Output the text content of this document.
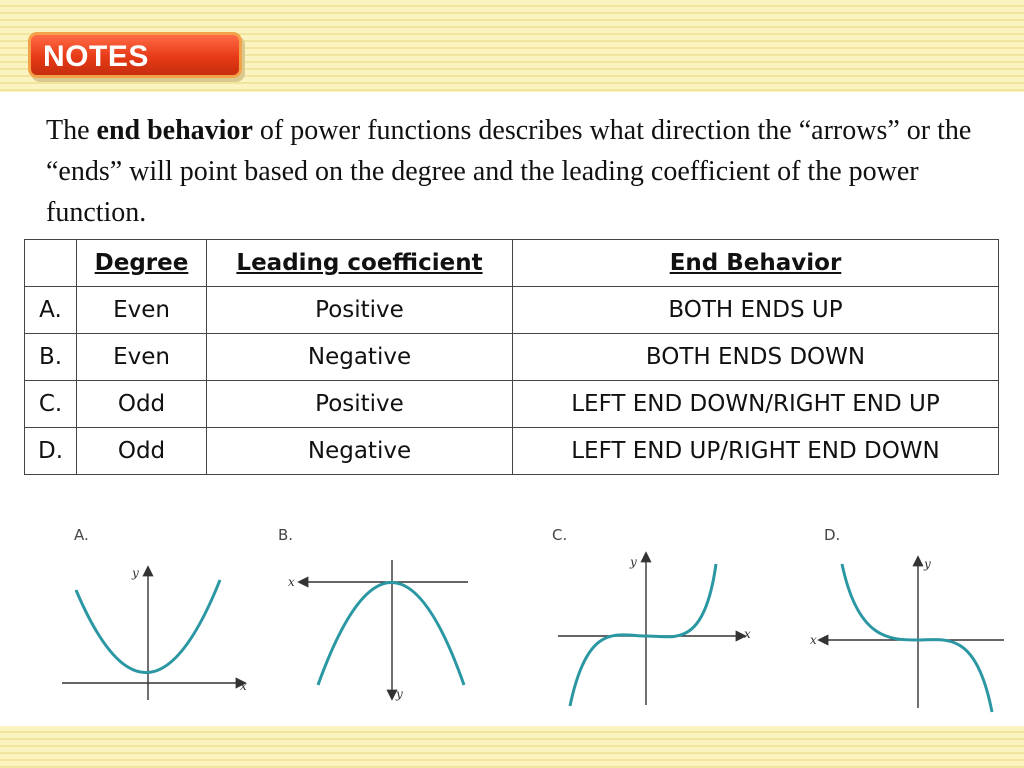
NOTES
The end behavior of power functions describes what direction the “arrows” or the “ends” will point based on the degree and the leading coefficient of the power function.
	Degree	Leading coefficient	End Behavior
A.	Even	Positive	BOTH ENDS UP
B.	Even	Negative	BOTH ENDS DOWN
C.	Odd	Positive	LEFT END DOWN/RIGHT END UP
D.	Odd	Negative	LEFT END UP/RIGHT END DOWN
A.
y
x
B.
x
y
C.
y
x
D.
y
x
